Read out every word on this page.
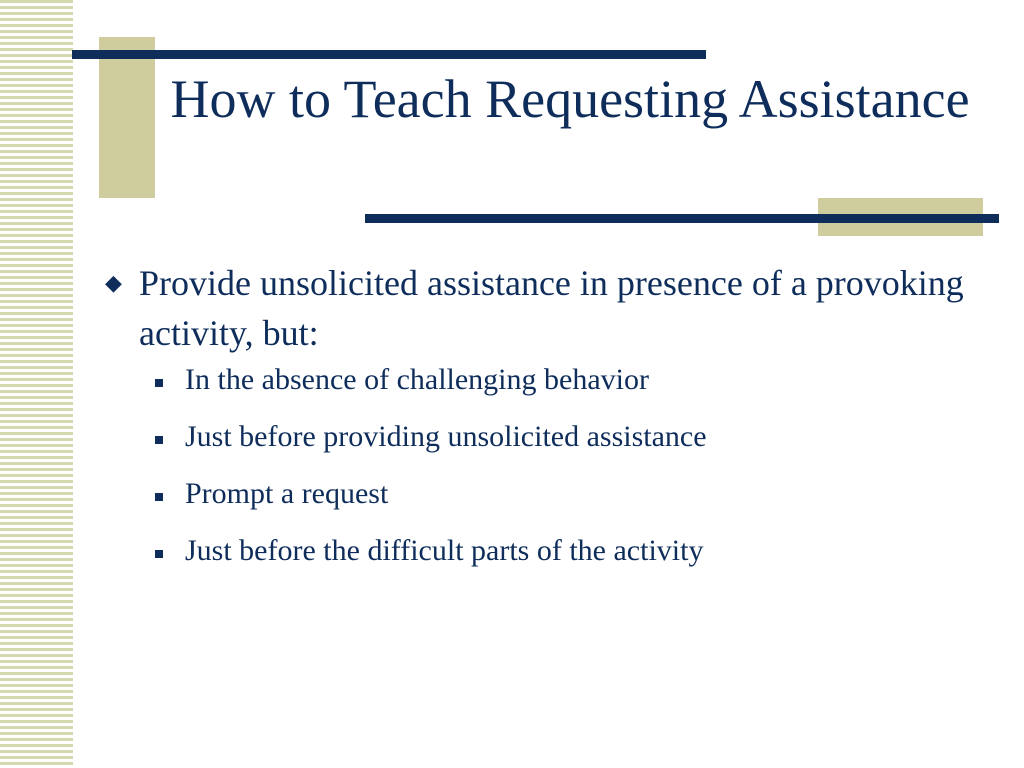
How to Teach Requesting Assistance
◆ Provide unsolicited assistance in presence of a provoking activity, but:
In the absence of challenging behavior
Just before providing unsolicited assistance
Prompt a request
Just before the difficult parts of the activity
